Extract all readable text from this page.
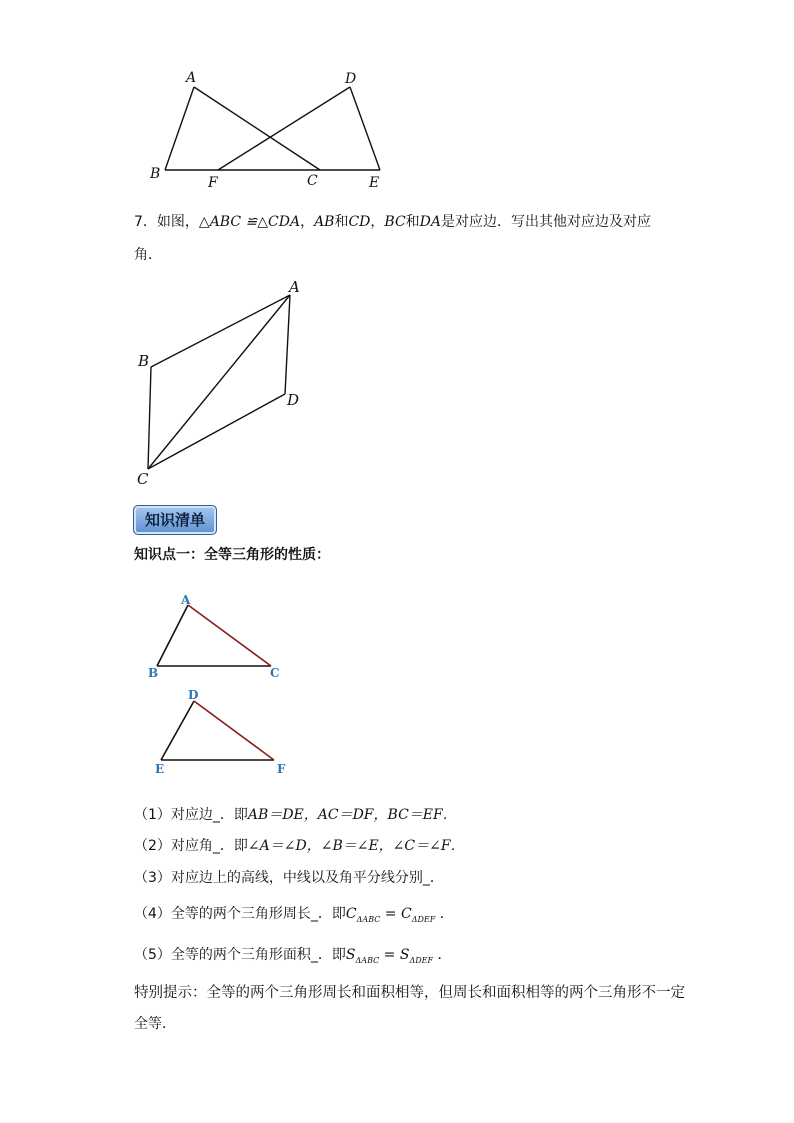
A	D
B
F	C	E
7．如图，△ABC ≌△CDA，AB和CD，BC和DA是对应边．写出其他对应边及对应
角．
A
B
D
C
知识清单
知识点一：全等三角形的性质：
A
B	C
D
E	F
（1）对应边_．即AB＝DE，AC＝DF，BC＝EF．
（2）对应角_．即∠A＝∠D，∠B＝∠E，∠C＝∠F．
（3）对应边上的高线，中线以及角平分线分别_．
（4）全等的两个三角形周长_．即$C_{\Delta ABC} = C_{\Delta DEF}$ ．
（5）全等的两个三角形面积_．即$S_{\Delta ABC} = S_{\Delta DEF}$ ．
特别提示：全等的两个三角形周长和面积相等，但周长和面积相等的两个三角形不一定
全等．
